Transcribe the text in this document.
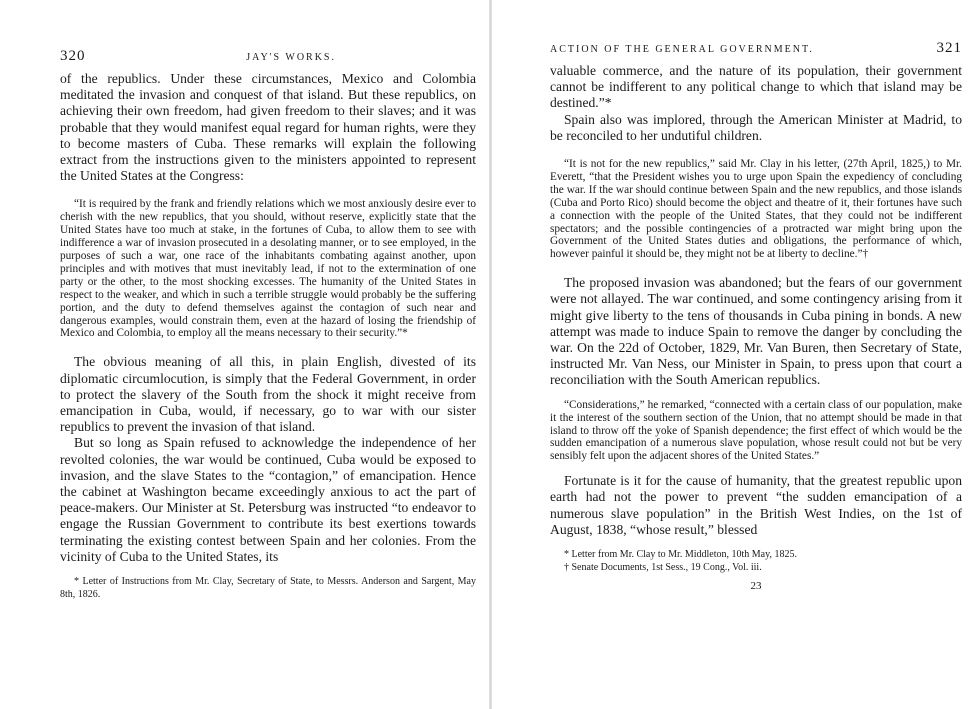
320	JAY'S WORKS.

of the republics. Under these circumstances, Mexico and Colombia meditated the invasion and conquest of that island. But these republics, on achieving their own freedom, had given freedom to their slaves; and it was probable that they would manifest equal regard for human rights, were they to become masters of Cuba. These remarks will explain the following extract from the instructions given to the ministers appointed to represent the United States at the Congress:

“It is required by the frank and friendly relations which we most anxiously desire ever to cherish with the new republics, that you should, without reserve, explicitly state that the United States have too much at stake, in the fortunes of Cuba, to allow them to see with indifference a war of invasion prosecuted in a desolating manner, or to see employed, in the purposes of such a war, one race of the inhabitants combating against another, upon principles and with motives that must inevitably lead, if not to the extermination of one party or the other, to the most shocking excesses. The humanity of the United States in respect to the weaker, and which in such a terrible struggle would probably be the suffering portion, and the duty to defend themselves against the contagion of such near and dangerous examples, would constrain them, even at the hazard of losing the friendship of Mexico and Colombia, to employ all the means necessary to their security.”*

The obvious meaning of all this, in plain English, divested of its diplomatic circumlocution, is simply that the Federal Government, in order to protect the slavery of the South from the shock it might receive from emancipation in Cuba, would, if necessary, go to war with our sister republics to prevent the invasion of that island.

But so long as Spain refused to acknowledge the independence of her revolted colonies, the war would be continued, Cuba would be exposed to invasion, and the slave States to the “contagion,” of emancipation. Hence the cabinet at Washington became exceedingly anxious to act the part of peace-makers. Our Minister at St. Petersburg was instructed “to endeavor to engage the Russian Government to contribute its best exertions towards terminating the existing contest between Spain and her colonies. From the vicinity of Cuba to the United States, its

* Letter of Instructions from Mr. Clay, Secretary of State, to Messrs. Anderson and Sargent, May 8th, 1826.

ACTION OF THE GENERAL GOVERNMENT.	321

valuable commerce, and the nature of its population, their government cannot be indifferent to any political change to which that island may be destined.”*

Spain also was implored, through the American Minister at Madrid, to be reconciled to her undutiful children.

“It is not for the new republics,” said Mr. Clay in his letter, (27th April, 1825,) to Mr. Everett, “that the President wishes you to urge upon Spain the expediency of concluding the war. If the war should continue between Spain and the new republics, and those islands (Cuba and Porto Rico) should become the object and theatre of it, their fortunes have such a connection with the people of the United States, that they could not be indifferent spectators; and the possible contingencies of a protracted war might bring upon the Government of the United States duties and obligations, the performance of which, however painful it should be, they might not be at liberty to decline.”†

The proposed invasion was abandoned; but the fears of our government were not allayed. The war continued, and some contingency arising from it might give liberty to the tens of thousands in Cuba pining in bonds. A new attempt was made to induce Spain to remove the danger by concluding the war. On the 22d of October, 1829, Mr. Van Buren, then Secretary of State, instructed Mr. Van Ness, our Minister in Spain, to press upon that court a reconciliation with the South American republics.

“Considerations,” he remarked, “connected with a certain class of our population, make it the interest of the southern section of the Union, that no attempt should be made in that island to throw off the yoke of Spanish dependence; the first effect of which would be the sudden emancipation of a numerous slave population, whose result could not but be very sensibly felt upon the adjacent shores of the United States.”

Fortunate is it for the cause of humanity, that the greatest republic upon earth had not the power to prevent “the sudden emancipation of a numerous slave population” in the British West Indies, on the 1st of August, 1838, “whose result,” blessed

* Letter from Mr. Clay to Mr. Middleton, 10th May, 1825.

† Senate Documents, 1st Sess., 19 Cong., Vol. iii.

23
